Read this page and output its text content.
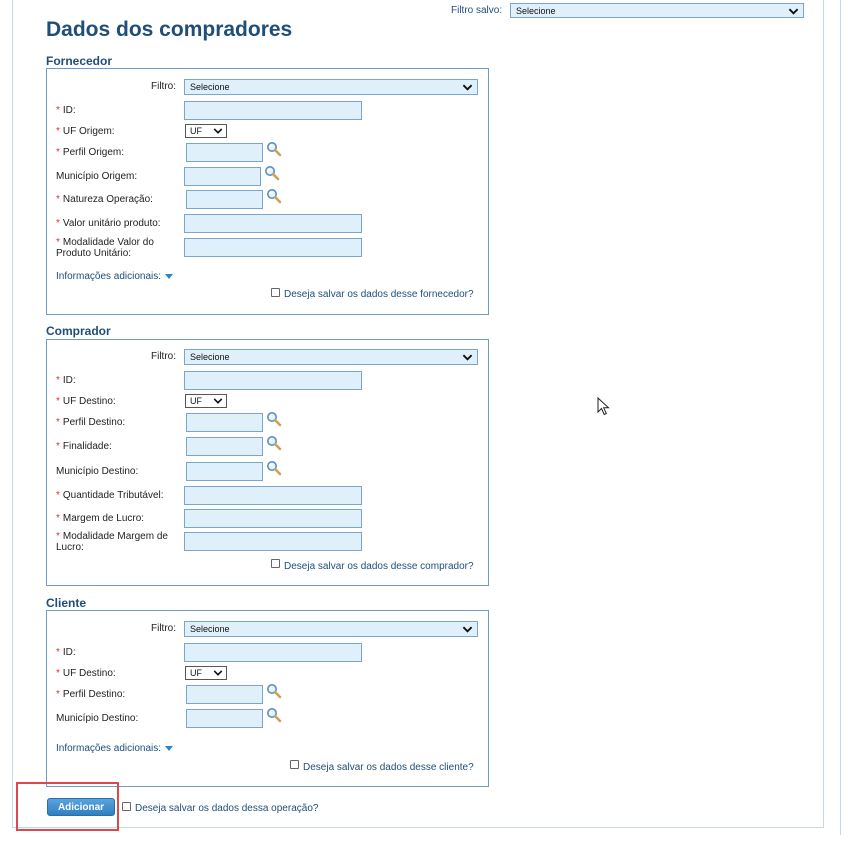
Filtro salvo:	Selecione
Dados dos compradores
Fornecedor
Filtro:	Selecione
* ID:
* UF Origem:	UF
* Perfil Origem:
Município Origem:
* Natureza Operação:
* Valor unitário produto:
* Modalidade Valor do
Produto Unitário:
Informações adicionais:
Deseja salvar os dados desse fornecedor?
Comprador
Filtro:	Selecione
* ID:
* UF Destino:	UF
* Perfil Destino:
* Finalidade:
Município Destino:
* Quantidade Tributável:
* Margem de Lucro:
* Modalidade Margem de
Lucro:
Deseja salvar os dados desse comprador?
Cliente
Filtro:	Selecione
* ID:
* UF Destino:	UF
* Perfil Destino:
Município Destino:
Informações adicionais:
Deseja salvar os dados desse cliente?
Adicionar	Deseja salvar os dados dessa operação?
